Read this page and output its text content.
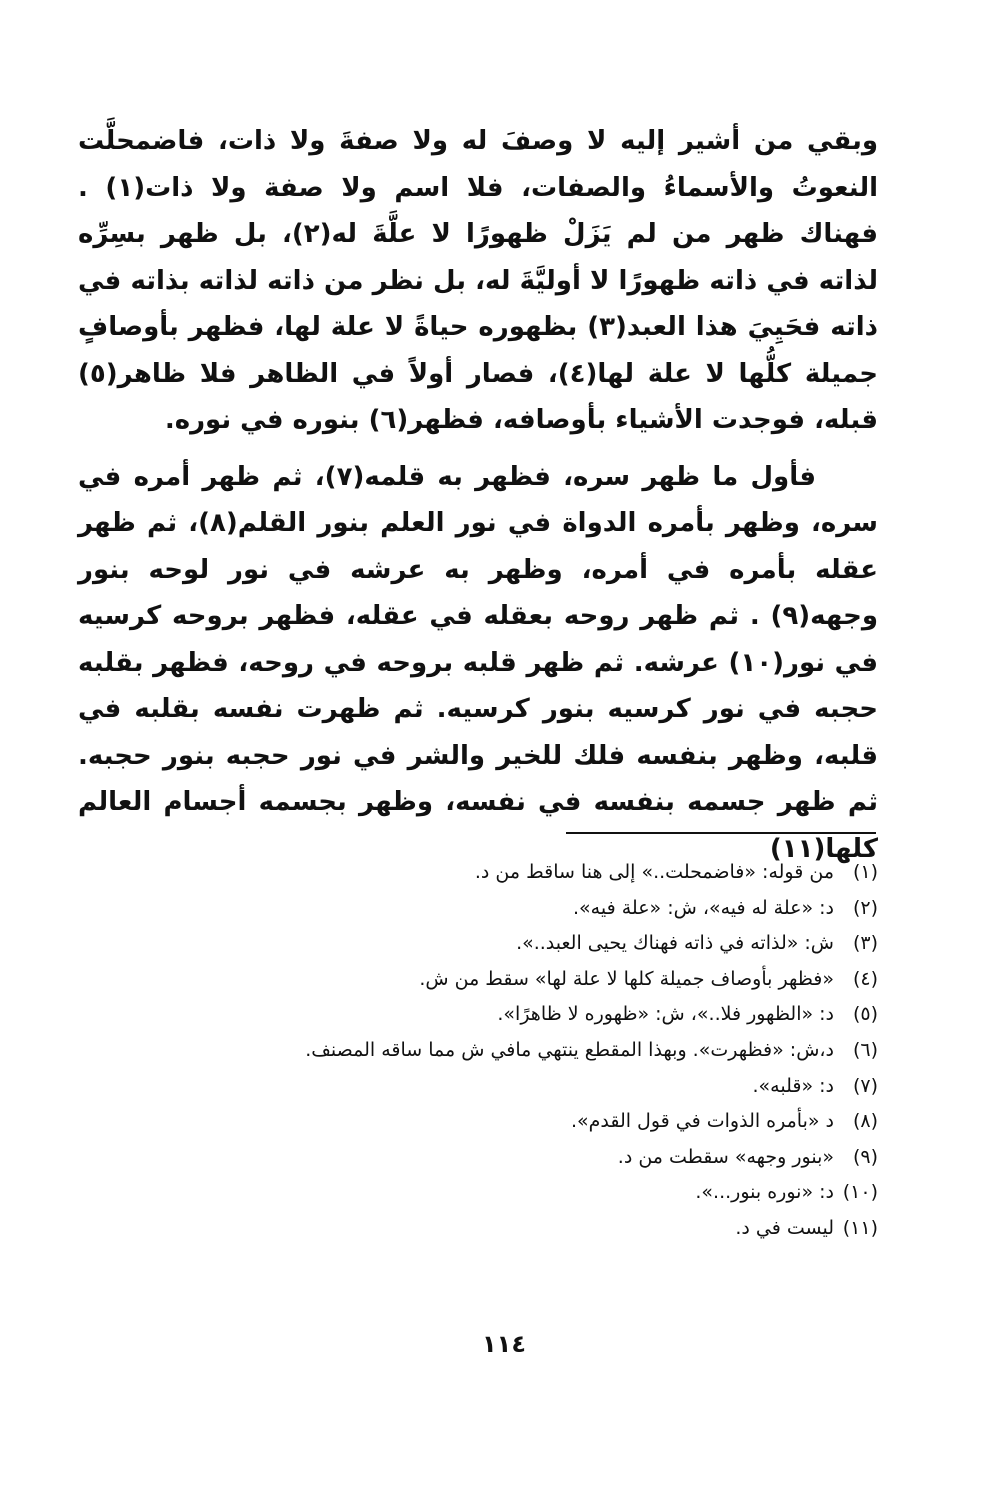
وبقي من أشير إليه لا وصفَ له ولا صفةَ ولا ذات، فاضمحلَّت النعوتُ والأسماءُ والصفات، فلا اسم ولا صفة ولا ذات(١) . فهناك ظهر من لم يَزَلْ ظهورًا لا علَّةَ له(٢)، بل ظهر بسِرِّه لذاته في ذاته ظهورًا لا أوليَّةَ له، بل نظر من ذاته لذاته بذاته في ذاته فحَيِيَ هذا العبد(٣) بظهوره حياةً لا علة لها، فظهر بأوصافٍ جميلة كلُّها لا علة لها(٤)، فصار أولاً في الظاهر فلا ظاهر(٥) قبله، فوجدت الأشياء بأوصافه، فظهر(٦) بنوره في نوره.

فأول ما ظهر سره، فظهر به قلمه(٧)، ثم ظهر أمره في سره، وظهر بأمره الدواة في نور العلم بنور القلم(٨)، ثم ظهر عقله بأمره في أمره، وظهر به عرشه في نور لوحه بنور وجهه(٩) . ثم ظهر روحه بعقله في عقله، فظهر بروحه كرسيه في نور(١٠) عرشه. ثم ظهر قلبه بروحه في روحه، فظهر بقلبه حجبه في نور كرسيه بنور كرسيه. ثم ظهرت نفسه بقلبه في قلبه، وظهر بنفسه فلك للخير والشر في نور حجبه بنور حجبه. ثم ظهر جسمه بنفسه في نفسه، وظهر بجسمه أجسام العالم كلها(١١)

(١)
من قوله: «فاضمحلت..» إلى هنا ساقط من د.
(٢)
د: «علة له فيه»، ش: «علة فيه».
(٣)
ش: «لذاته في ذاته فهناك يحيى العبد..».
(٤)
«فظهر بأوصاف جميلة كلها لا علة لها» سقط من ش.
(٥)
د: «الظهور فلا..»، ش: «ظهوره لا ظاهرًا».
(٦)
د،ش: «فظهرت». وبهذا المقطع ينتهي مافي ش مما ساقه المصنف.
(٧)
د: «قلبه».
(٨)
د «بأمره الذوات في قول القدم».
(٩)
«بنور وجهه» سقطت من د.
(١٠)
د: «نوره بنور...».
(١١)
ليست في د.
١١٤
